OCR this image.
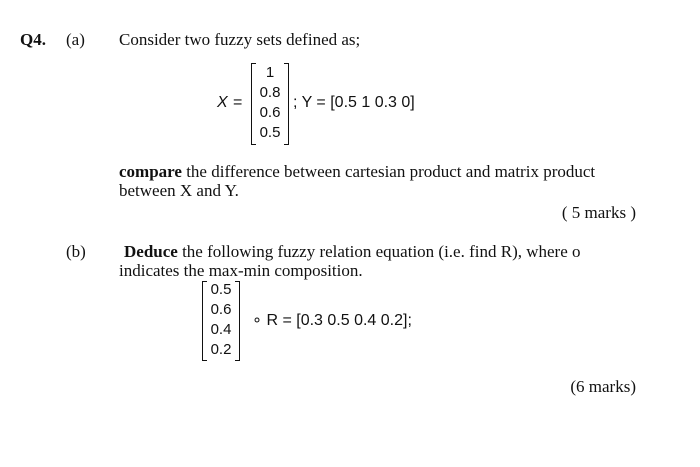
Q4. (a) Consider two fuzzy sets defined as;
X =
1
0.8
0.6
0.5
; Y = [0.5 1 0.3 0]
compare the difference between cartesian product and matrix product
between X and Y.
( 5 marks )
(b) Deduce the following fuzzy relation equation (i.e. find R), where o
indicates the max-min composition.
0.5
0.6
0.4
0.2
∘ R = [0.3 0.5 0.4 0.2];
(6 marks)
